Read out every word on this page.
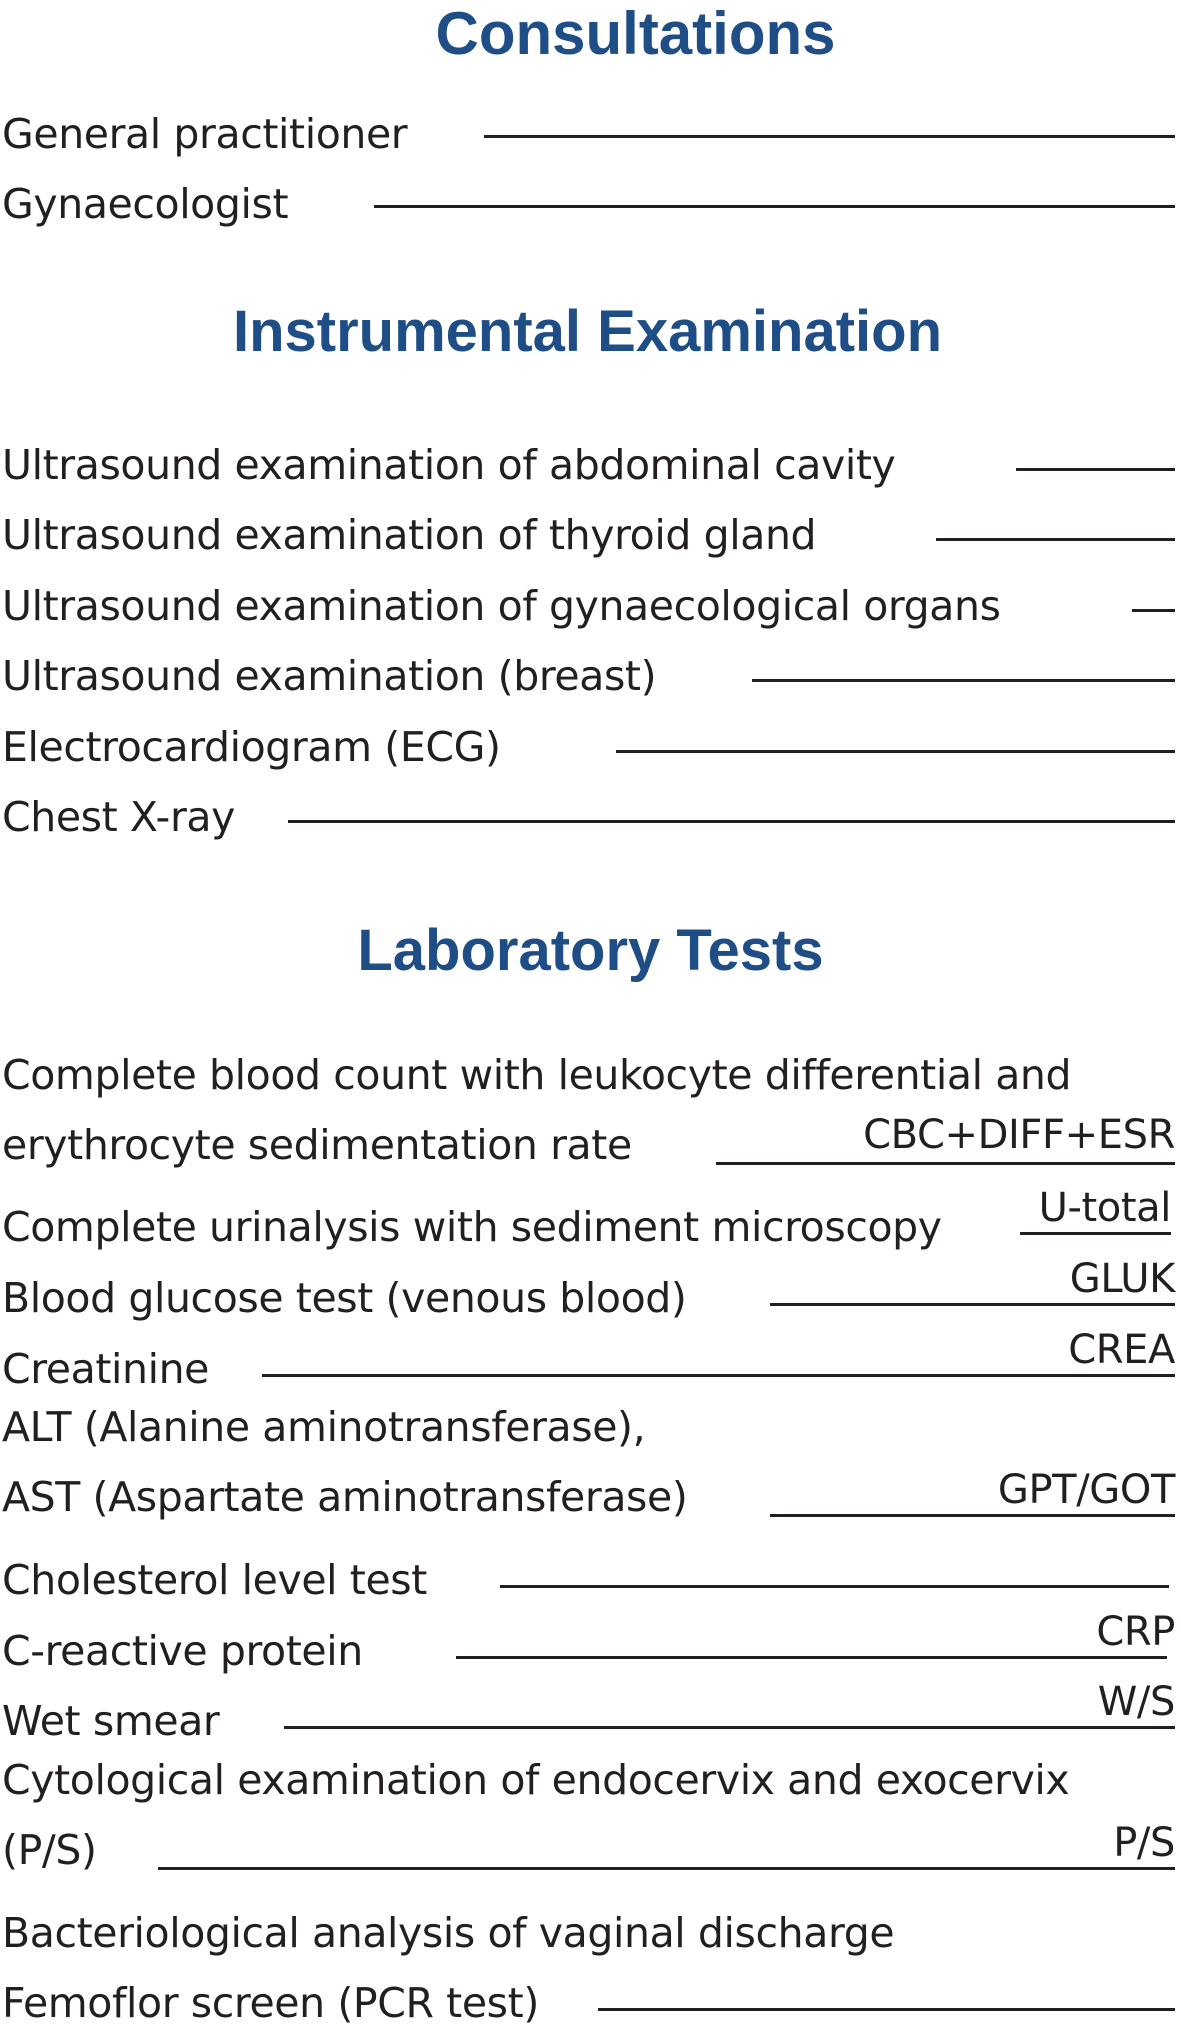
Consultations
General practitioner
Gynaecologist
Instrumental Examination
Ultrasound examination of abdominal cavity
Ultrasound examination of thyroid gland
Ultrasound examination of gynaecological organs
Ultrasound examination (breast)
Electrocardiogram (ECG)
Chest X-ray
Laboratory Tests
Complete blood count with leukocyte differential and
erythrocyte sedimentation rate	CBC+DIFF+ESR
Complete urinalysis with sediment microscopy U-total
Blood glucose test (venous blood)	GLUK
Creatinine	CREA
ALT (Alanine aminotransferase),
AST (Aspartate aminotransferase)	GPT/GOT
Cholesterol level test
C-reactive protein	CRP
Wet smear	W/S
Cytological examination of endocervix and exocervix
(P/S)	P/S
Bacteriological analysis of vaginal discharge
Femoflor screen (PCR test)
